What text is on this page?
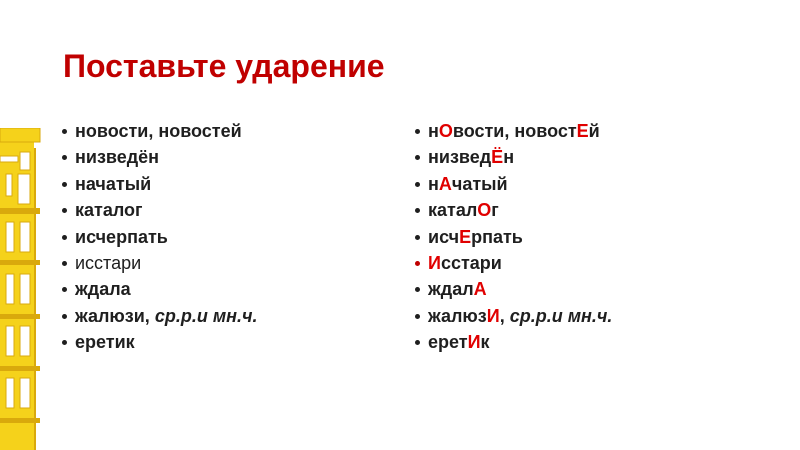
Поставьте ударение
новости, новостей
низведён
начатый
каталог
исчерпать
исстари
ждала
жалюзи, ср.р.и мн.ч.
еретик
нОвости, новостЕй
низведЁн
нАчатый
каталОг
исчЕрпать
Исстари
ждалА
жалюзИ, ср.р.и мн.ч.
еретИк
